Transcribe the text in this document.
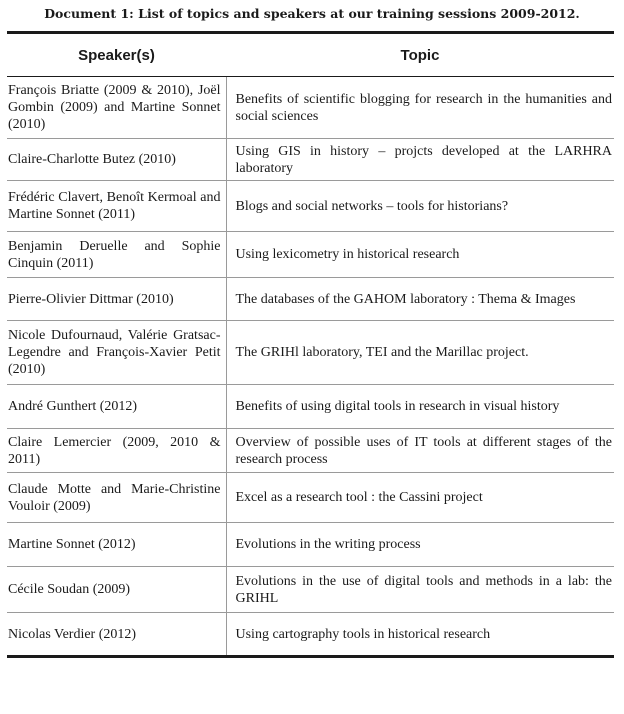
Document 1: List of topics and speakers at our training sessions 2009-2012.
Speaker(s)	Topic
François Briatte (2009 & 2010), Joël Gombin (2009) and Martine Sonnet (2010)	Benefits of scientific blogging for research in the humanities and social sciences
Claire-Charlotte Butez (2010)	Using GIS in history – projcts developed at the LARHRA laboratory
Frédéric Clavert, Benoît Kermoal and Martine Sonnet (2011)	Blogs and social networks – tools for historians?
Benjamin Deruelle and Sophie Cinquin (2011)	Using lexicometry in historical research
Pierre-Olivier Dittmar (2010)	The databases of the GAHOM laboratory : Thema & Images
Nicole Dufournaud, Valérie Gratsac-Legendre and François-Xavier Petit (2010)	The GRIHl laboratory, TEI and the Marillac project.
André Gunthert (2012)	Benefits of using digital tools in research in visual history
Claire Lemercier (2009, 2010 & 2011)	Overview of possible uses of IT tools at different stages of the research process
Claude Motte and Marie-Christine Vouloir (2009)	Excel as a research tool : the Cassini project
Martine Sonnet (2012)	Evolutions in the writing process
Cécile Soudan (2009)	Evolutions in the use of digital tools and methods in a lab: the GRIHL
Nicolas Verdier (2012)	Using cartography tools in historical research
